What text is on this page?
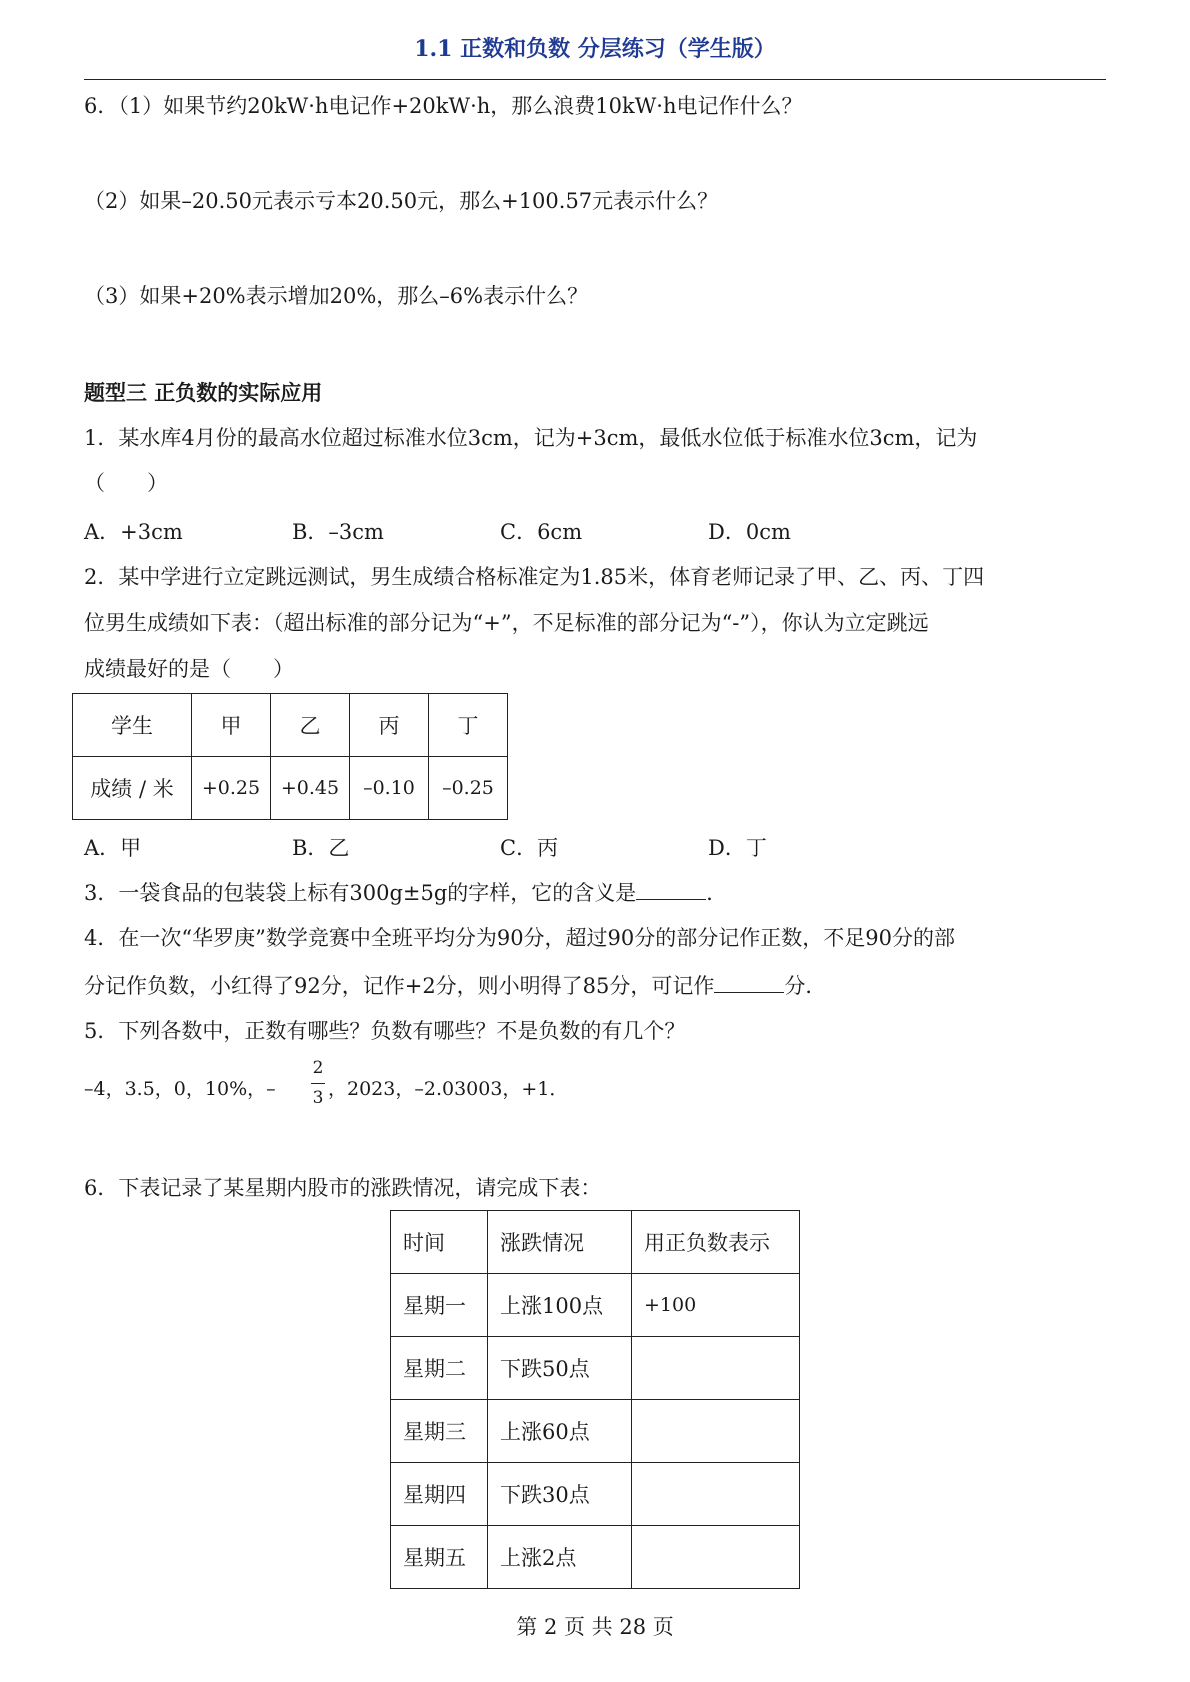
1.1 正数和负数 分层练习（学生版）
6．（1）如果节约20kW·h电记作+20kW·h，那么浪费10kW·h电记作什么？
（2）如果–20.50元表示亏本20.50元，那么+100.57元表示什么？
（3）如果+20%表示增加20%，那么–6%表示什么？
题型三 正负数的实际应用
1．某水库4月份的最高水位超过标准水位3cm，记为+3cm，最低水位低于标准水位3cm，记为
（　　）
A．+3cm	B．–3cm	C．6cm	D．0cm
2．某中学进行立定跳远测试，男生成绩合格标准定为1.85米，体育老师记录了甲、乙、丙、丁四
位男生成绩如下表：（超出标准的部分记为“+”，不足标准的部分记为“-”），你认为立定跳远
成绩最好的是（　　）
学生	甲	乙	丙	丁
成绩 / 米	+0.25	+0.45	–0.10	–0.25
A．甲	B．乙	C．丙	D．丁
3．一袋食品的包装袋上标有300g±5g的字样，它的含义是	．
4．在一次“华罗庚”数学竞赛中全班平均分为90分，超过90分的部分记作正数，不足90分的部
分记作负数，小红得了92分，记作+2分，则小明得了85分，可记作	分．
5．下列各数中，正数有哪些？负数有哪些？不是负数的有几个？
–4，3.5，0，10%，–
2
3 ，2023，–2.03003，+1．
6．下表记录了某星期内股市的涨跌情况，请完成下表：
时间	涨跌情况	用正负数表示
星期一	上涨100点	+100
星期二	下跌50点	
星期三	上涨60点	
星期四	下跌30点	
星期五	上涨2点	
第 2 页 共 28 页
